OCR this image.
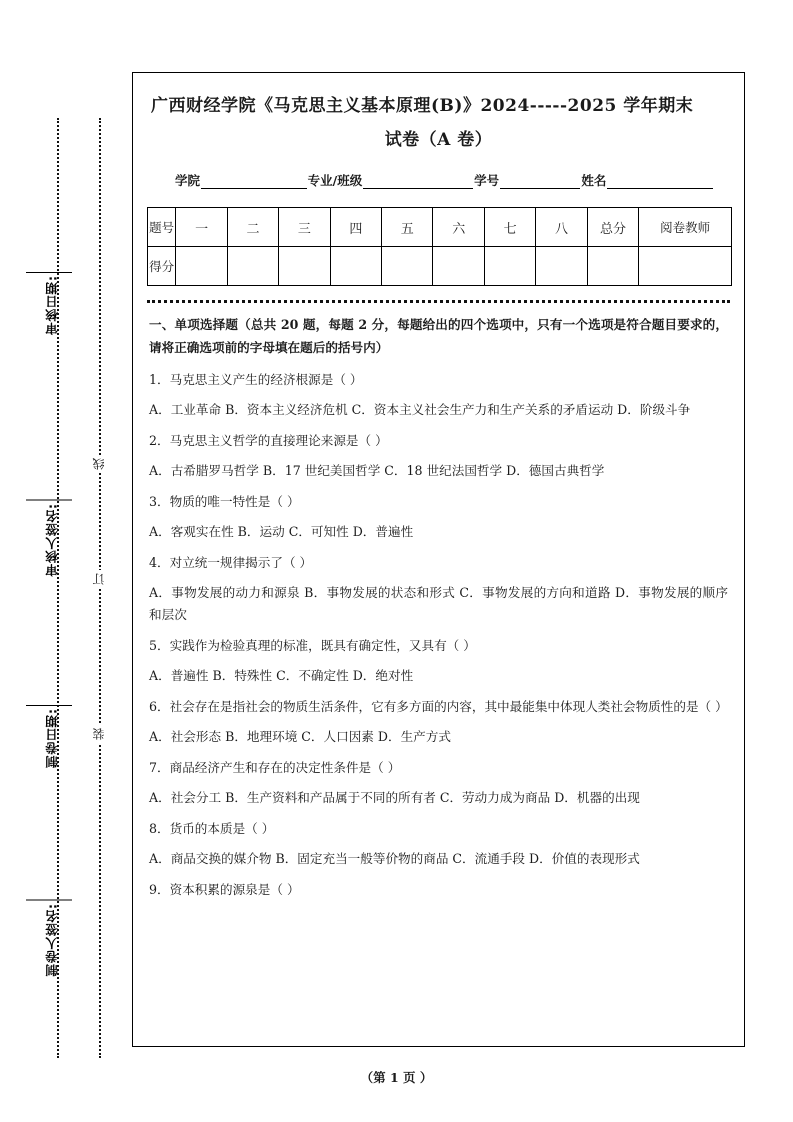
线
订
装
审核日期:
审核人签名:
制卷日期:
制卷人签名:
广西财经学院《马克思主义基本原理(B)》2024-----2025 学年期末
试卷（A 卷）
学院	专业/班级	学号	姓名
题号	一	二	三	四	五	六	七	八	总分	阅卷教师
得分										
一、单项选择题（总共 20 题，每题 2 分，每题给出的四个选项中，只有一个选项是符合题目要求的，请将正确选项前的字母填在题后的括号内）
1．马克思主义产生的经济根源是（ ）
A．工业革命 B．资本主义经济危机 C．资本主义社会生产力和生产关系的矛盾运动 D．阶级斗争
2．马克思主义哲学的直接理论来源是（ ）
A．古希腊罗马哲学 B．17 世纪美国哲学 C．18 世纪法国哲学 D．德国古典哲学
3．物质的唯一特性是（ ）
A．客观实在性 B．运动 C．可知性 D．普遍性
4．对立统一规律揭示了（ ）
A．事物发展的动力和源泉 B．事物发展的状态和形式 C．事物发展的方向和道路 D．事物发展的顺序和层次
5．实践作为检验真理的标准，既具有确定性，又具有（ ）
A．普遍性 B．特殊性 C．不确定性 D．绝对性
6．社会存在是指社会的物质生活条件，它有多方面的内容，其中最能集中体现人类社会物质性的是（ ）
A．社会形态 B．地理环境 C．人口因素 D．生产方式
7．商品经济产生和存在的决定性条件是（ ）
A．社会分工 B．生产资料和产品属于不同的所有者 C．劳动力成为商品 D．机器的出现
8．货币的本质是（ ）
A．商品交换的媒介物 B．固定充当一般等价物的商品 C．流通手段 D．价值的表现形式
9．资本积累的源泉是（ ）
（第 1 页 ）
